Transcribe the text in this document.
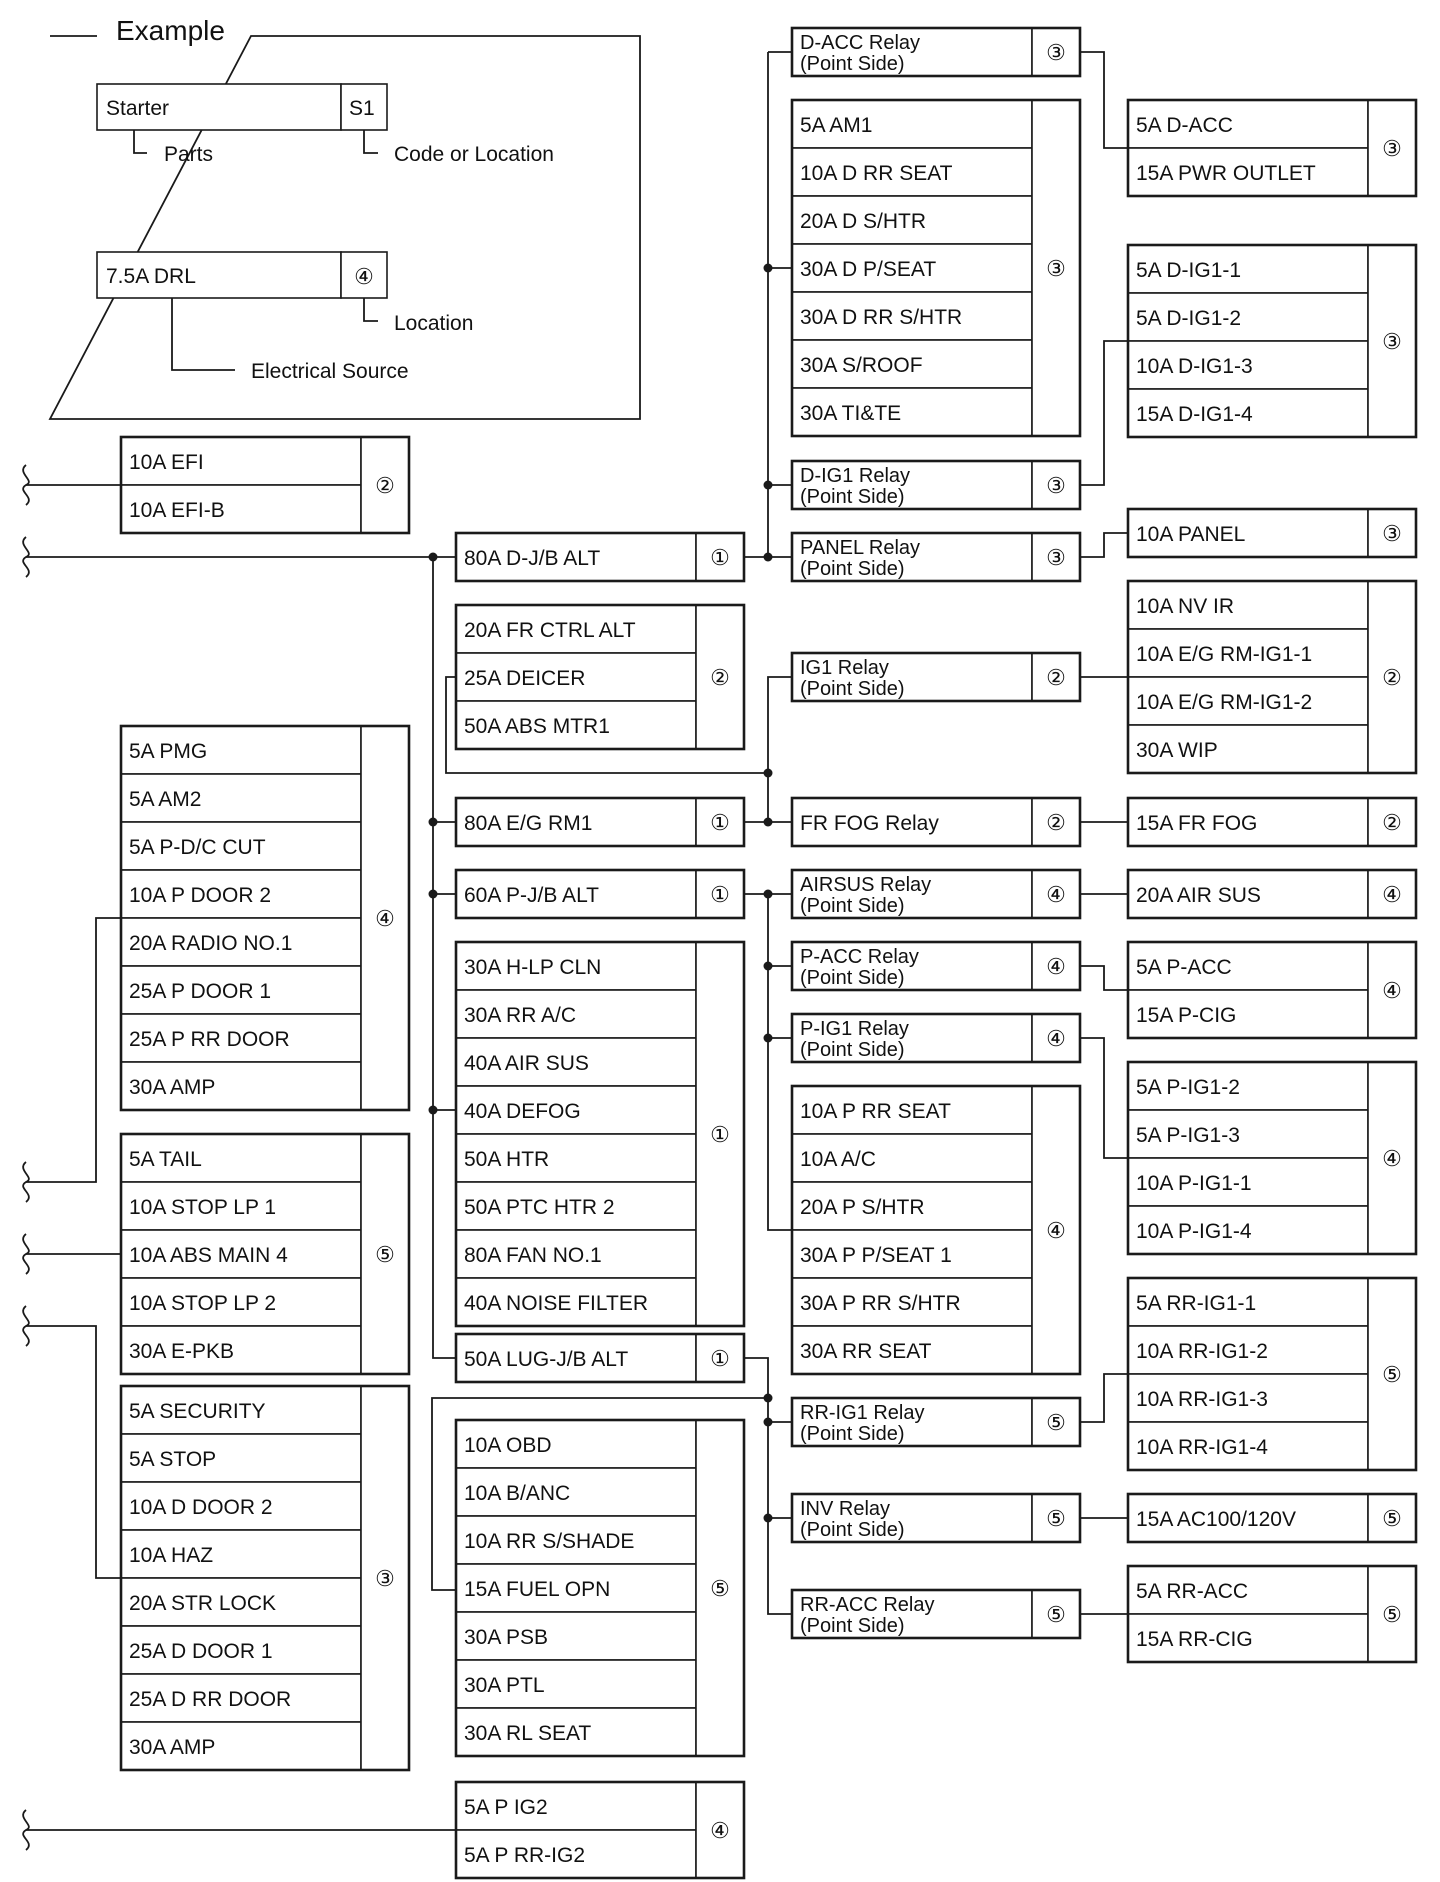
10A EFI
10A EFI-B
②
5A PMG
5A AM2
5A P-D/C CUT
10A P DOOR 2
20A RADIO NO.1
25A P DOOR 1
25A P RR DOOR
30A AMP
④
5A TAIL
10A STOP LP 1
10A ABS MAIN 4
10A STOP LP 2
30A E-PKB
⑤
5A SECURITY
5A STOP
10A D DOOR 2
10A HAZ
20A STR LOCK
25A D DOOR 1
25A D RR DOOR
30A AMP
③
80A D-J/B ALT	①
20A FR CTRL ALT
25A DEICER
50A ABS MTR1
②
80A E/G RM1	①
60A P-J/B ALT	①
30A H-LP CLN
30A RR A/C
40A AIR SUS
40A DEFOG
50A HTR
50A PTC HTR 2
80A FAN NO.1
40A NOISE FILTER
①
50A LUG-J/B ALT	①
10A OBD
10A B/ANC
10A RR S/SHADE
15A FUEL OPN
30A PSB
30A PTL
30A RL SEAT
⑤
5A P IG2
5A P RR-IG2
④
5A AM1
10A D RR SEAT
20A D S/HTR
30A D P/SEAT
30A D RR S/HTR
30A S/ROOF
30A TI&TE
③
10A P RR SEAT
10A A/C
20A P S/HTR
30A P P/SEAT 1
30A P RR S/HTR
30A RR SEAT
④
5A D-ACC
15A PWR OUTLET
③
5A D-IG1-1
5A D-IG1-2
10A D-IG1-3
15A D-IG1-4
③
10A PANEL	③
10A NV IR
10A E/G RM-IG1-1
10A E/G RM-IG1-2
30A WIP
②
15A FR FOG	②
20A AIR SUS	④
5A P-ACC
15A P-CIG
④
5A P-IG1-2
5A P-IG1-3
10A P-IG1-1
10A P-IG1-4
④
5A RR-IG1-1
10A RR-IG1-2
10A RR-IG1-3
10A RR-IG1-4
⑤
15A AC100/120V	⑤
5A RR-ACC
15A RR-CIG
⑤
D-ACC Relay
(Point Side)	③
D-IG1 Relay
(Point Side)	③
PANEL Relay
(Point Side)	③
IG1 Relay
(Point Side)	②
FR FOG Relay	②
AIRSUS Relay
(Point Side)	④
P-ACC Relay
(Point Side)	④
P-IG1 Relay
(Point Side)	④
RR-IG1 Relay
(Point Side)	⑤
INV Relay
(Point Side)	⑤
RR-ACC Relay
(Point Side)	⑤
Example
Starter	S1
Parts	Code or Location
7.5A DRL	④
Location
Electrical Source
